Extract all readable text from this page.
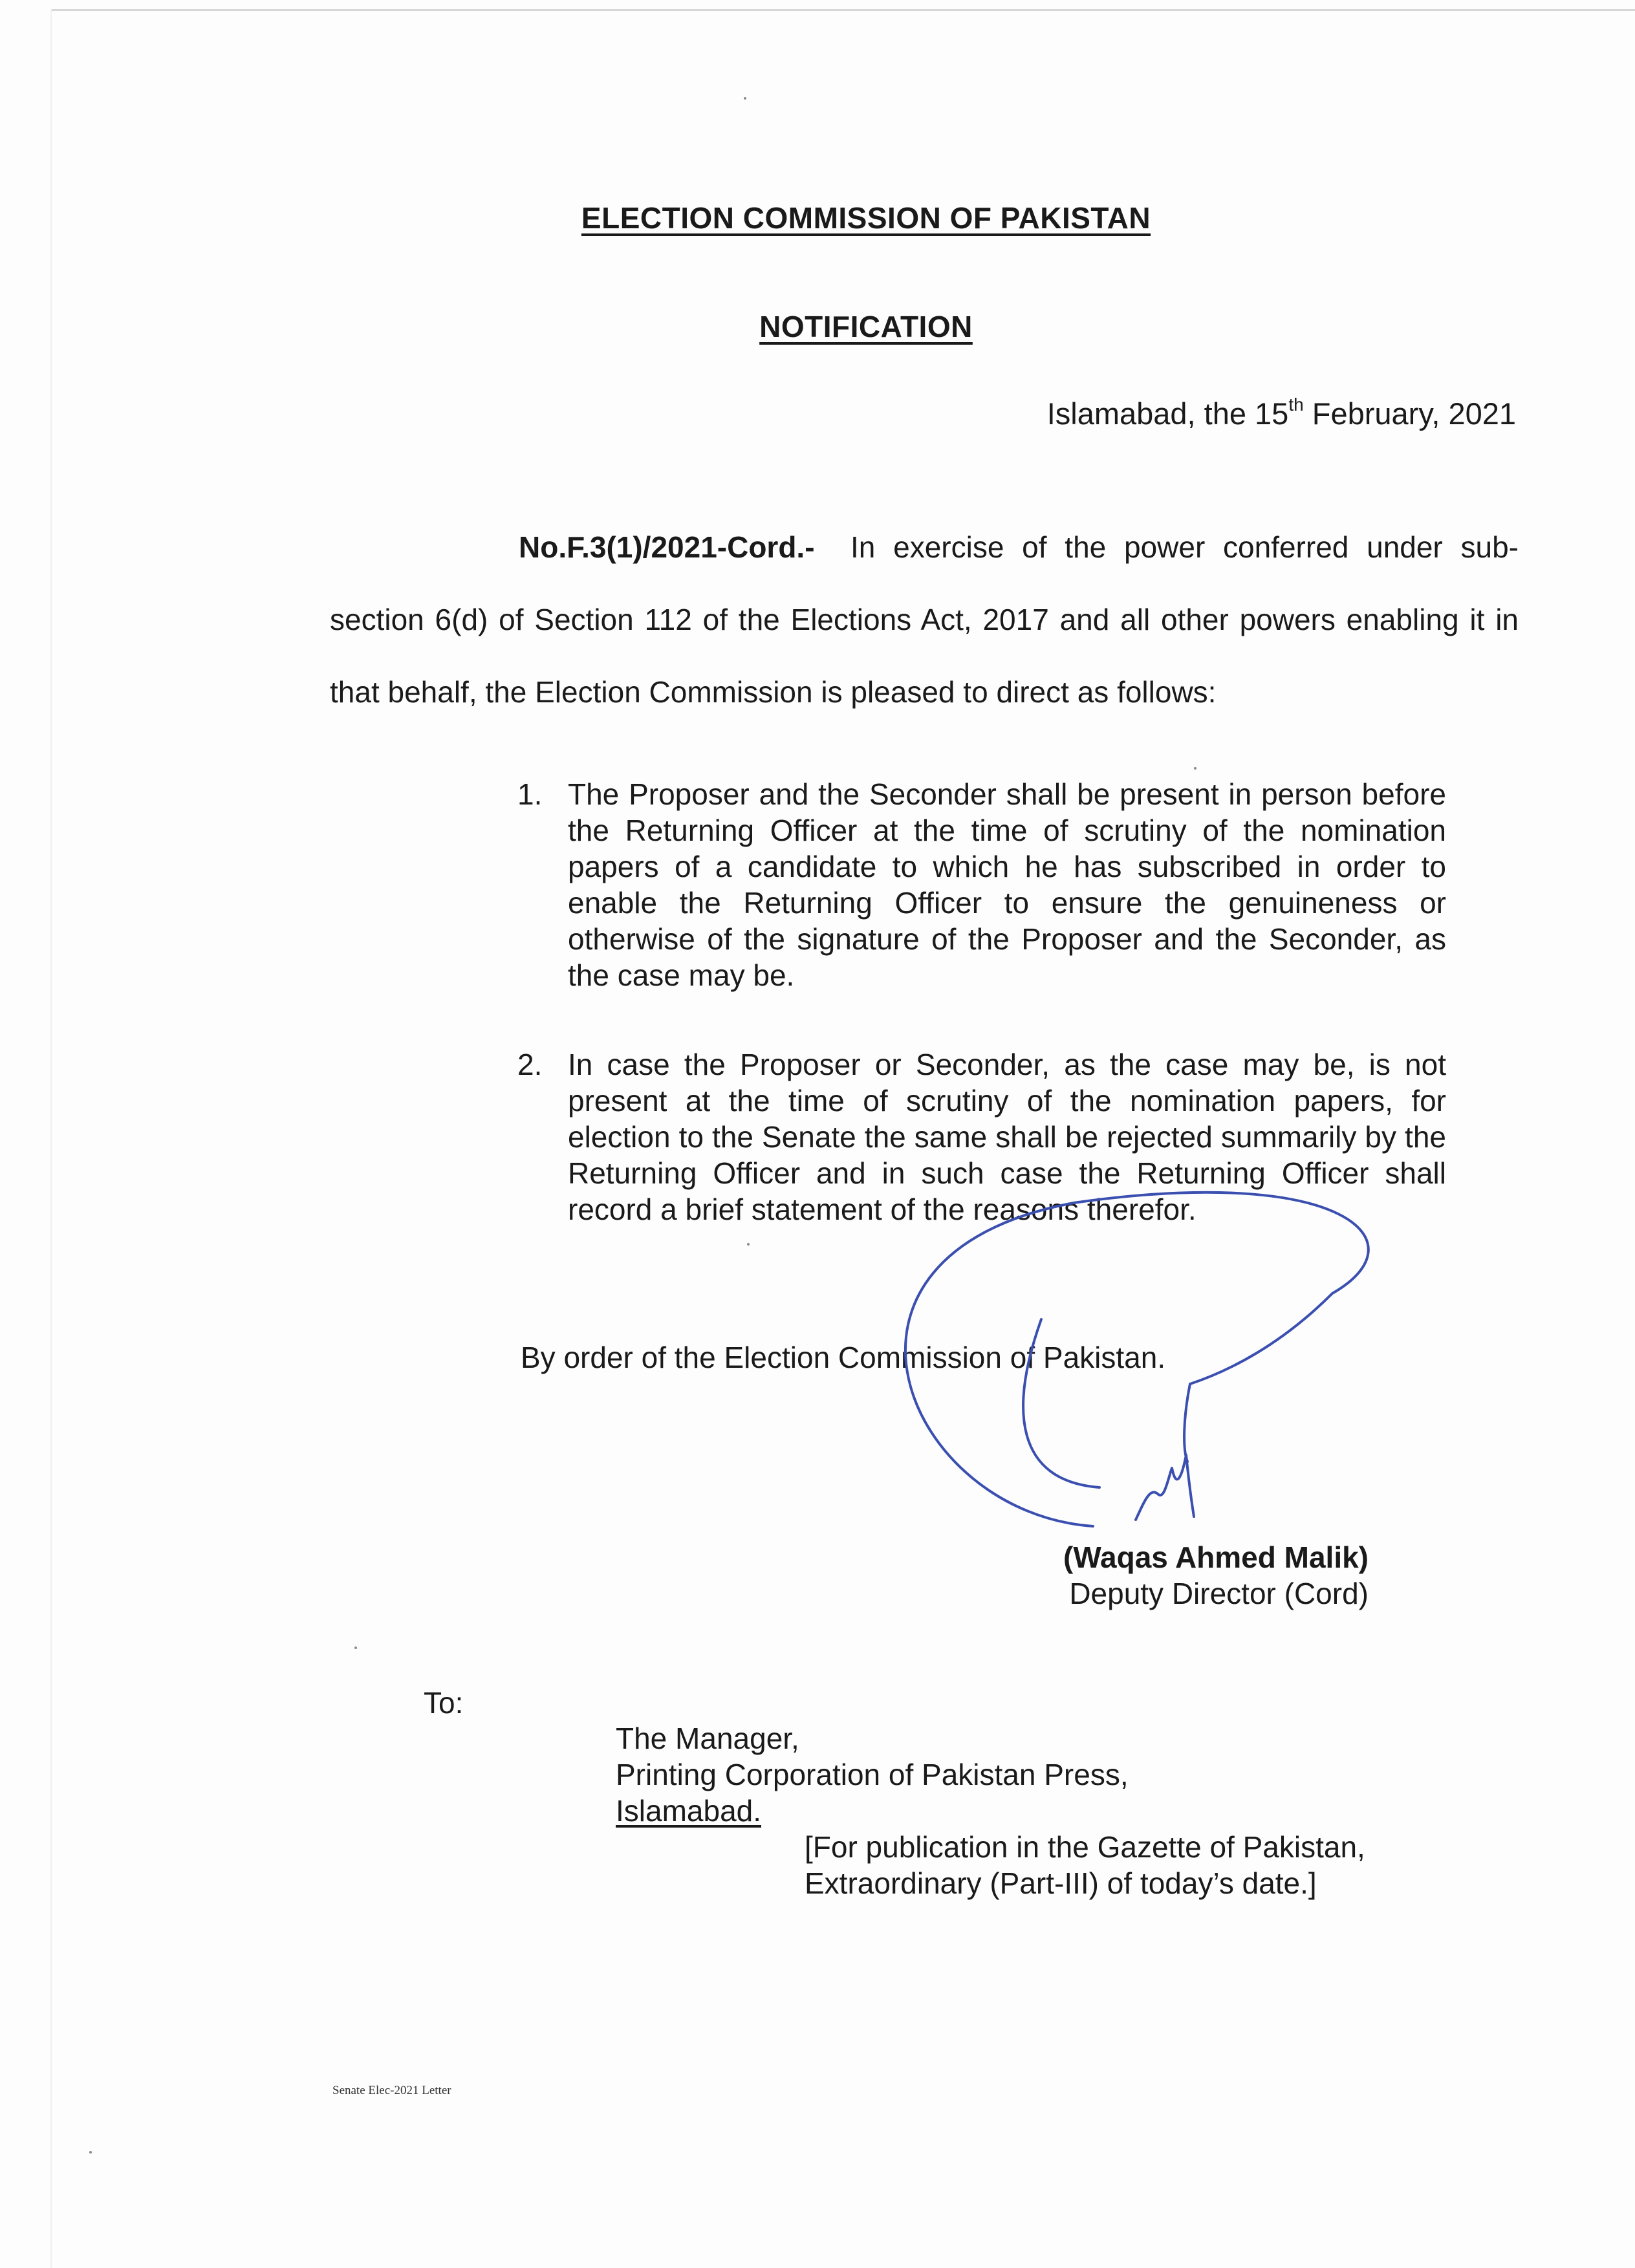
ELECTION COMMISSION OF PAKISTAN
NOTIFICATION
Islamabad, the 15th February, 2021
No.F.3(1)/2021-Cord.- In exercise of the power conferred under sub-section 6(d) of Section 112 of the Elections Act, 2017 and all other powers enabling it in that behalf, the Election Commission is pleased to direct as follows:
1. The Proposer and the Seconder shall be present in person before the Returning Officer at the time of scrutiny of the nomination papers of a candidate to which he has subscribed in order to enable the Returning Officer to ensure the genuineness or otherwise of the signature of the Proposer and the Seconder, as the case may be.
2. In case the Proposer or Seconder, as the case may be, is not present at the time of scrutiny of the nomination papers, for election to the Senate the same shall be rejected summarily by the Returning Officer and in such case the Returning Officer shall record a brief statement of the reasons therefor.
By order of the Election Commission of Pakistan.
(Waqas Ahmed Malik)
Deputy Director (Cord)
To:
The Manager,
Printing Corporation of Pakistan Press,
Islamabad.
[For publication in the Gazette of Pakistan,
Extraordinary (Part-III) of today’s date.]
Senate Elec-2021 Letter
